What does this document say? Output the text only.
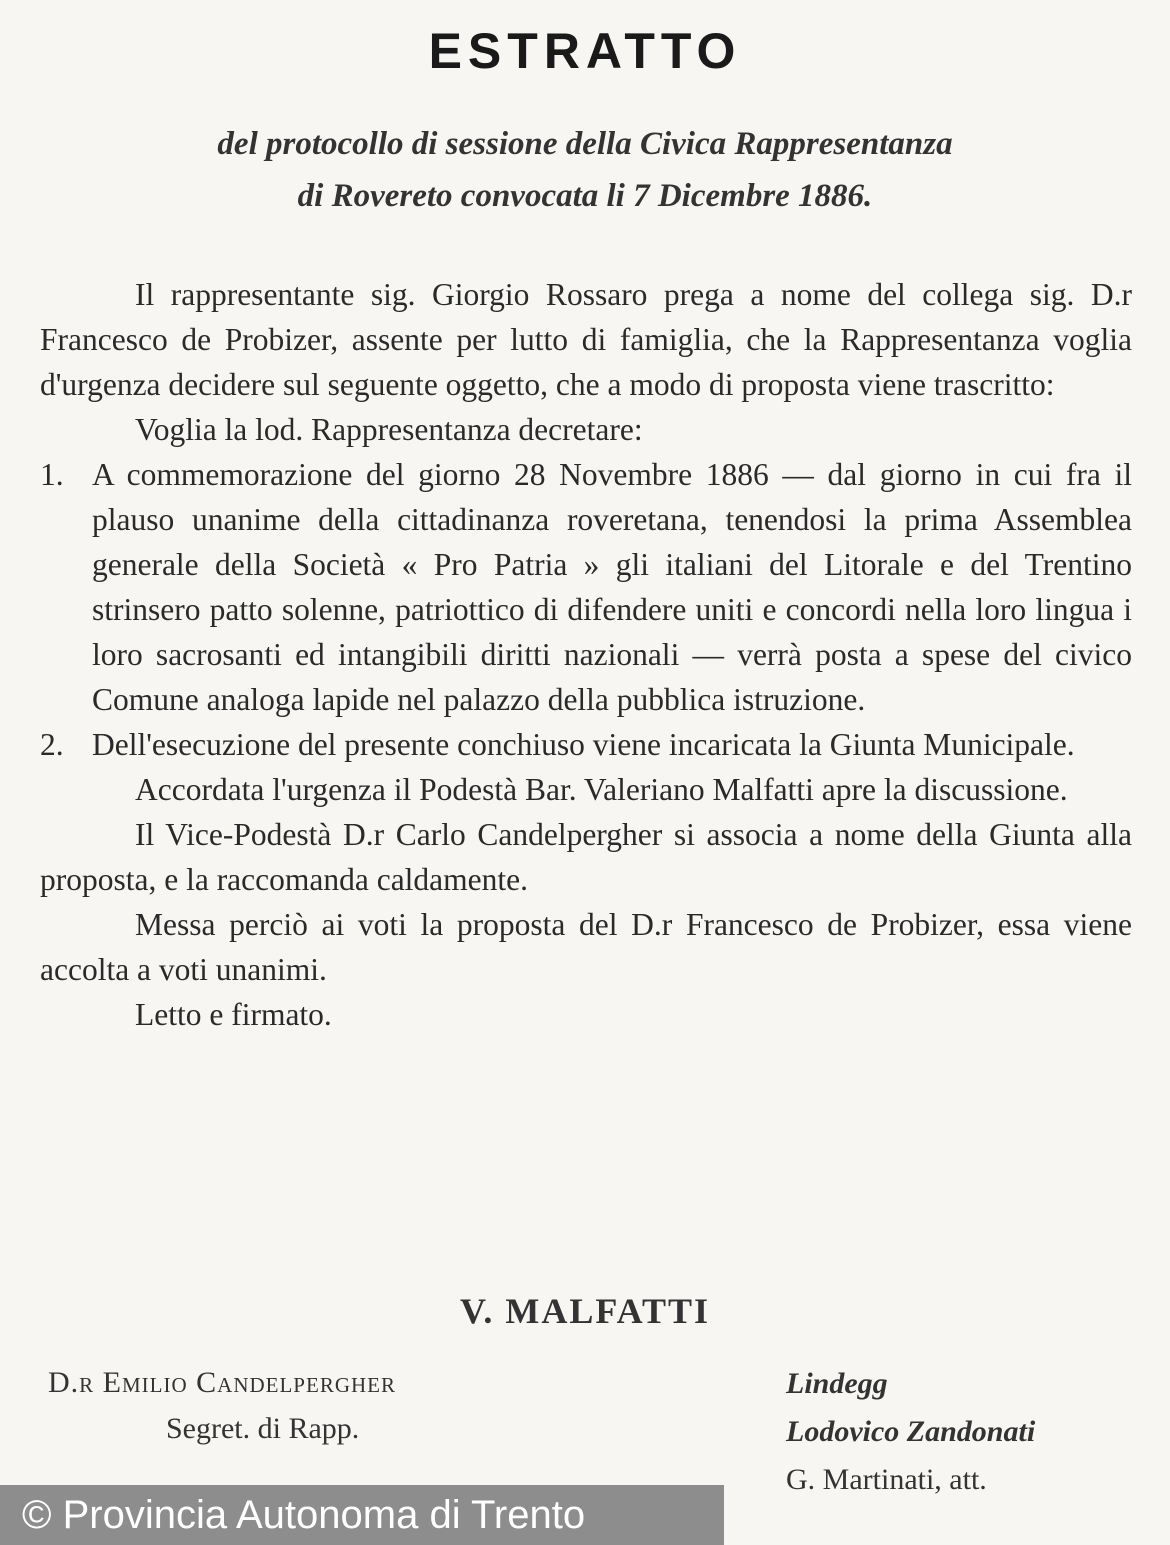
ESTRATTO
del protocollo di sessione della Civica Rappresentanza
di Rovereto convocata li 7 Dicembre 1886.

Il rappresentante sig. Giorgio Rossaro prega a nome del collega sig. D.r Francesco de Probizer, assente per lutto di famiglia, che la Rappresentanza voglia d'urgenza decidere sul seguente oggetto, che a modo di proposta viene trascritto:

Voglia la lod. Rappresentanza decretare:

1. A commemorazione del giorno 28 Novembre 1886 — dal giorno in cui fra il plauso unanime della cittadinanza roveretana, tenendosi la prima Assemblea generale della Società « Pro Patria » gli italiani del Litorale e del Trentino strinsero patto solenne, patriottico di difendere uniti e concordi nella loro lingua i loro sacrosanti ed intangibili diritti nazionali — verrà posta a spese del civico Comune analoga lapide nel palazzo della pubblica istruzione.
2. Dell'esecuzione del presente conchiuso viene incaricata la Giunta Municipale.

Accordata l'urgenza il Podestà Bar. Valeriano Malfatti apre la discussione.

Il Vice-Podestà D.r Carlo Candelpergher si associa a nome della Giunta alla proposta, e la raccomanda caldamente.

Messa perciò ai voti la proposta del D.r Francesco de Probizer, essa viene accolta a voti unanimi.

Letto e firmato.

V. MALFATTI
D.r Emilio Candelpergher
Segret. di Rapp.
Lindegg
Lodovico Zandonati
G. Martinati, att.
© Provincia Autonoma di Trento
